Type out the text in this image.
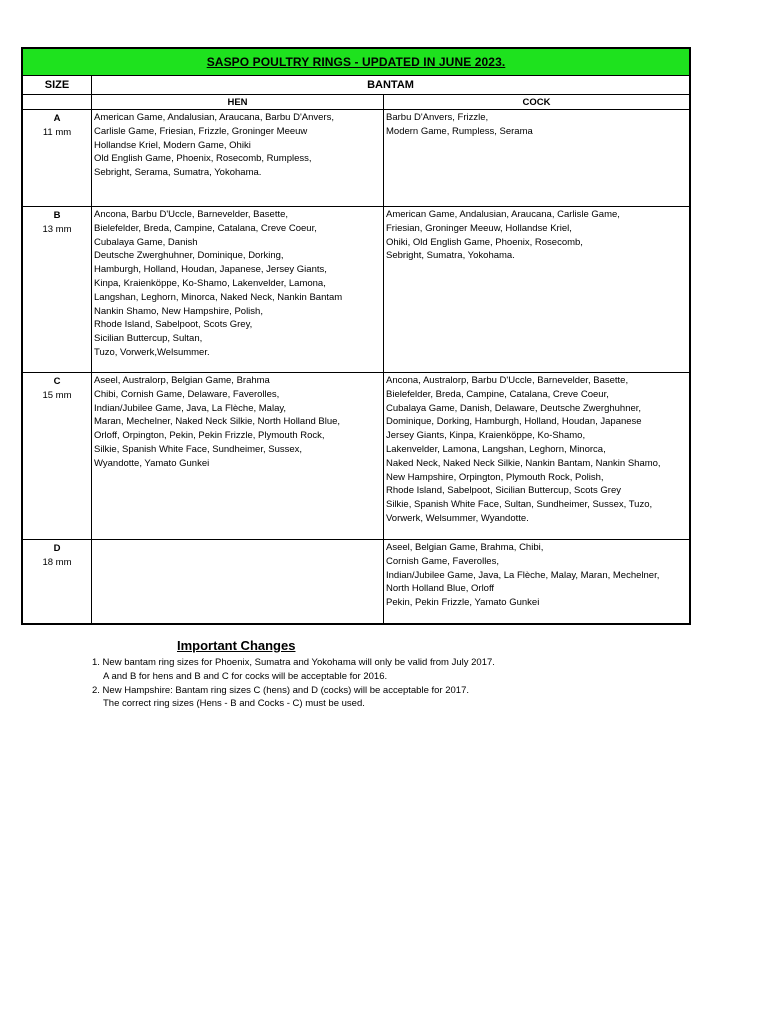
SASPO POULTRY RINGS - UPDATED IN JUNE 2023.
SIZE	BANTAM
HEN	COCK
A
11 mm
American Game, Andalusian, Araucana, Barbu D'Anvers,
Carlisle Game, Friesian, Frizzle, Groninger Meeuw
Hollandse Kriel, Modern Game, Ohiki
Old English Game, Phoenix, Rosecomb, Rumpless,
Sebright, Serama, Sumatra, Yokohama.
Barbu D'Anvers, Frizzle,
Modern Game, Rumpless, Serama
B
13 mm
Ancona, Barbu D'Uccle, Barnevelder, Basette,
Bielefelder, Breda, Campine, Catalana, Creve Coeur,
Cubalaya Game, Danish
Deutsche Zwerghuhner, Dominique, Dorking,
Hamburgh, Holland, Houdan, Japanese, Jersey Giants,
Kinpa, Kraienköppe, Ko-Shamo, Lakenvelder, Lamona,
Langshan, Leghorn, Minorca, Naked Neck, Nankin Bantam
Nankin Shamo, New Hampshire, Polish,
Rhode Island, Sabelpoot, Scots Grey,
Sicilian Buttercup, Sultan,
Tuzo, Vorwerk,Welsummer.
American Game, Andalusian, Araucana, Carlisle Game,
Friesian, Groninger Meeuw, Hollandse Kriel,
Ohiki, Old English Game, Phoenix, Rosecomb,
Sebright, Sumatra, Yokohama.
C
15 mm
Aseel, Australorp, Belgian Game, Brahma
Chibi, Cornish Game, Delaware, Faverolles,
Indian/Jubilee Game, Java, La Flèche, Malay,
Maran, Mechelner, Naked Neck Silkie, North Holland Blue,
Orloff, Orpington, Pekin, Pekin Frizzle, Plymouth Rock,
Silkie, Spanish White Face, Sundheimer, Sussex,
Wyandotte, Yamato Gunkei
Ancona, Australorp, Barbu D'Uccle, Barnevelder, Basette,
Bielefelder, Breda, Campine, Catalana, Creve Coeur,
Cubalaya Game, Danish, Delaware, Deutsche Zwerghuhner,
Dominique, Dorking, Hamburgh, Holland, Houdan, Japanese
Jersey Giants, Kinpa, Kraienköppe, Ko-Shamo,
Lakenvelder, Lamona, Langshan, Leghorn, Minorca,
Naked Neck, Naked Neck Silkie, Nankin Bantam, Nankin Shamo,
New Hampshire, Orpington, Plymouth Rock, Polish,
Rhode Island, Sabelpoot, Sicilian Buttercup, Scots Grey
Silkie, Spanish White Face, Sultan, Sundheimer, Sussex, Tuzo,
Vorwerk, Welsummer, Wyandotte.
D
18 mm
Aseel, Belgian Game, Brahma, Chibi,
Cornish Game, Faverolles,
Indian/Jubilee Game, Java, La Flèche, Malay, Maran, Mechelner,
North Holland Blue, Orloff
Pekin, Pekin Frizzle, Yamato Gunkei
Important Changes
1. New bantam ring sizes for Phoenix, Sumatra and Yokohama will only be valid from July 2017.
A and B for hens and B and C for cocks will be acceptable for 2016.
2. New Hampshire: Bantam ring sizes C (hens) and D (cocks) will be acceptable for 2017.
The correct ring sizes (Hens - B and Cocks - C) must be used.
